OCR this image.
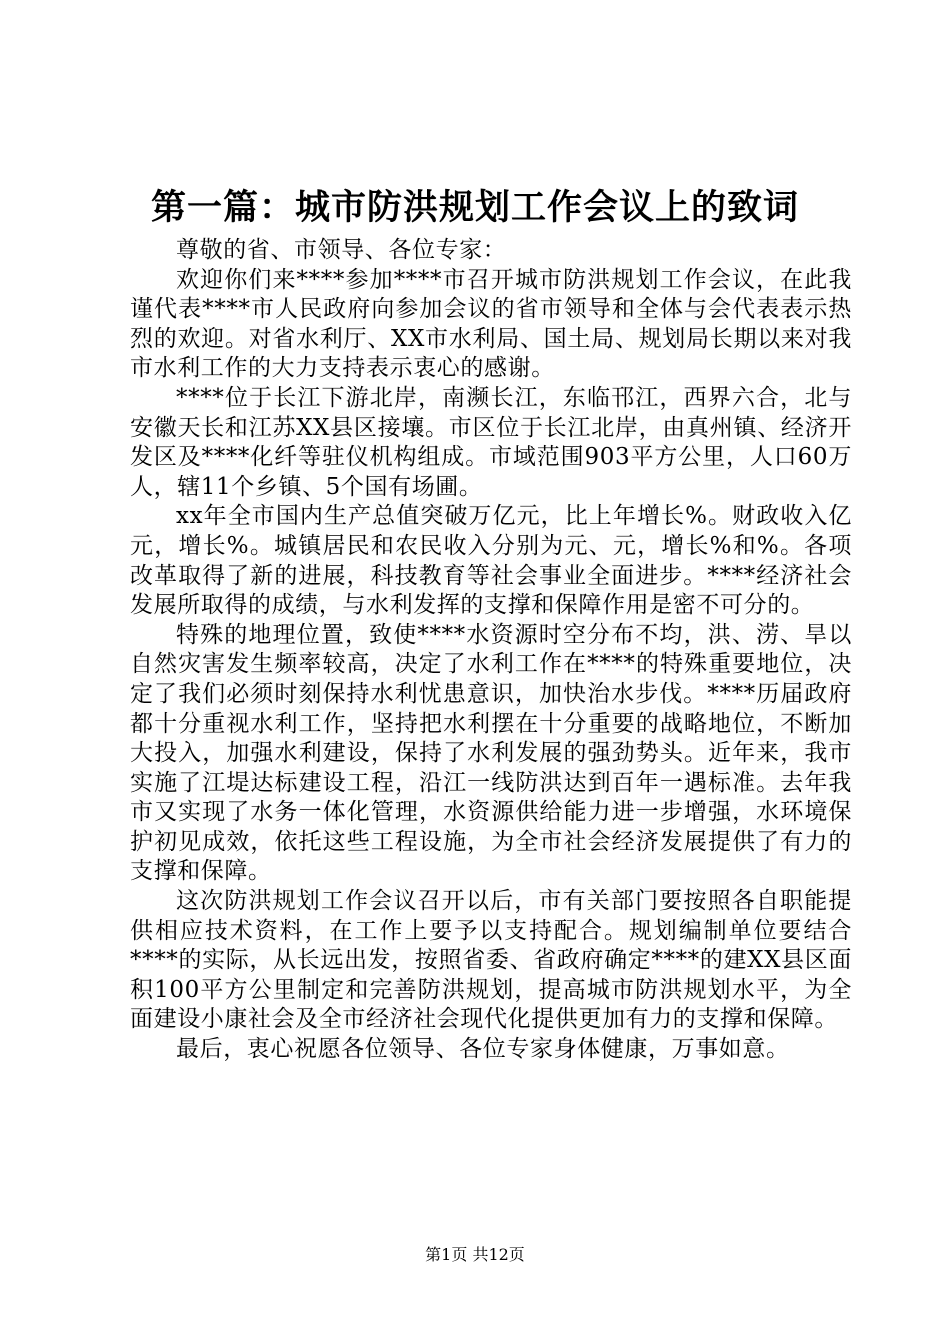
第一篇：城市防洪规划工作会议上的致词

尊敬的省、市领导、各位专家：

欢迎你们来****参加****市召开城市防洪规划工作会议，在此我谨代表****市人民政府向参加会议的省市领导和全体与会代表表示热烈的欢迎。对省水利厅、XX市水利局、国土局、规划局长期以来对我市水利工作的大力支持表示衷心的感谢。

****位于长江下游北岸，南濒长江，东临邗江，西界六合，北与安徽天长和江苏XX县区接壤。市区位于长江北岸，由真州镇、经济开发区及****化纤等驻仪机构组成。市域范围903平方公里，人口60万人，辖11个乡镇、5个国有场圃。

xx年全市国内生产总值突破万亿元，比上年增长%。财政收入亿元，增长%。城镇居民和农民收入分别为元、元，增长%和%。各项改革取得了新的进展，科技教育等社会事业全面进步。****经济社会发展所取得的成绩，与水利发挥的支撑和保障作用是密不可分的。

特殊的地理位置，致使****水资源时空分布不均，洪、涝、旱以自然灾害发生频率较高，决定了水利工作在****的特殊重要地位，决定了我们必须时刻保持水利忧患意识，加快治水步伐。****历届政府都十分重视水利工作，坚持把水利摆在十分重要的战略地位，不断加大投入，加强水利建设，保持了水利发展的强劲势头。近年来，我市实施了江堤达标建设工程，沿江一线防洪达到百年一遇标准。去年我市又实现了水务一体化管理，水资源供给能力进一步增强，水环境保护初见成效，依托这些工程设施，为全市社会经济发展提供了有力的支撑和保障。

这次防洪规划工作会议召开以后，市有关部门要按照各自职能提供相应技术资料，在工作上要予以支持配合。规划编制单位要结合****的实际，从长远出发，按照省委、省政府确定****的建XX县区面积100平方公里制定和完善防洪规划，提高城市防洪规划水平，为全面建设小康社会及全市经济社会现代化提供更加有力的支撑和保障。

最后，衷心祝愿各位领导、各位专家身体健康，万事如意。

第1页 共12页
